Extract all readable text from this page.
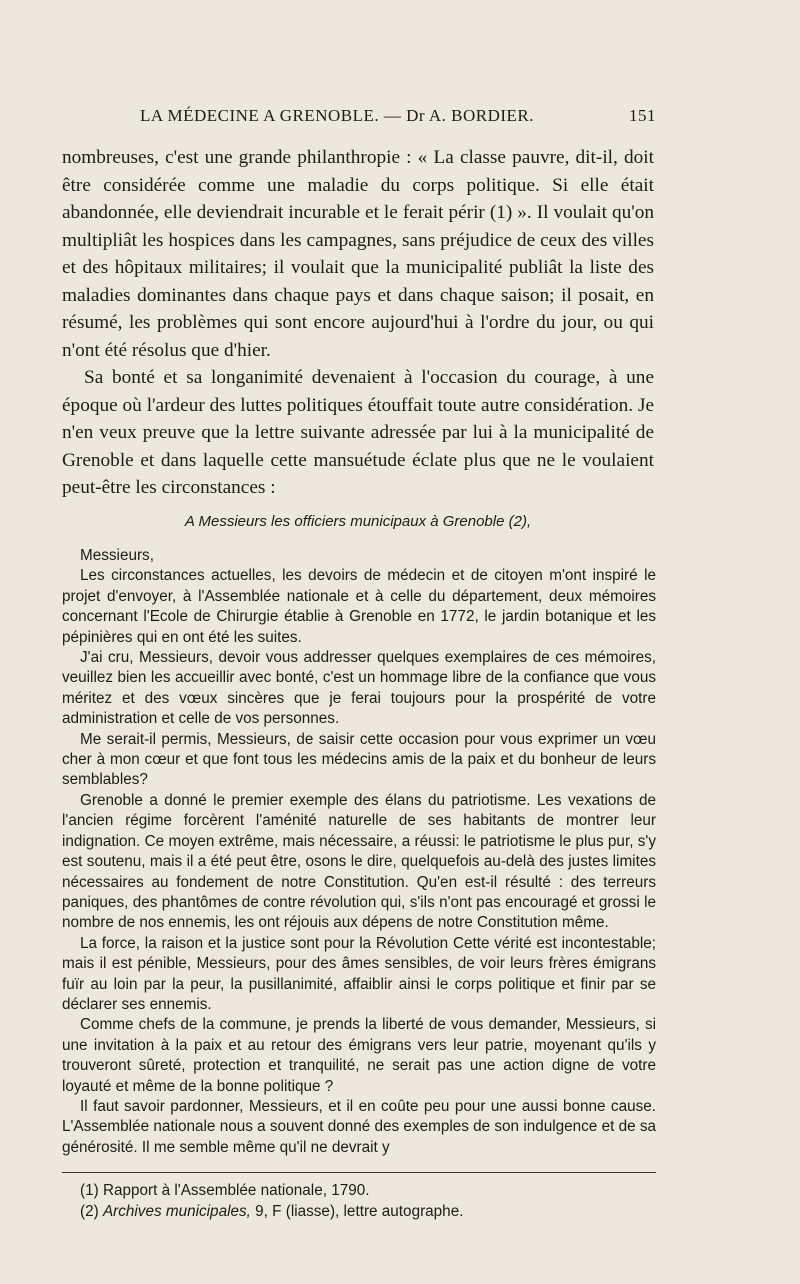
LA MÉDECINE A GRENOBLE. — Dr A. BORDIER.	151

nombreuses, c'est une grande philanthropie : « La classe pauvre, dit-il, doit être considérée comme une maladie du corps politique. Si elle était abandonnée, elle deviendrait incurable et le ferait périr (1) ». Il voulait qu'on multipliât les hospices dans les campagnes, sans préjudice de ceux des villes et des hôpitaux militaires; il voulait que la municipalité publiât la liste des maladies dominantes dans chaque pays et dans chaque saison; il posait, en résumé, les problèmes qui sont encore aujourd'hui à l'ordre du jour, ou qui n'ont été résolus que d'hier.

Sa bonté et sa longanimité devenaient à l'occasion du courage, à une époque où l'ardeur des luttes politiques étouffait toute autre considération. Je n'en veux preuve que la lettre suivante adressée par lui à la municipalité de Grenoble et dans laquelle cette mansuétude éclate plus que ne le voulaient peut-être les circonstances :

A Messieurs les officiers municipaux à Grenoble (2),

Messieurs,

Les circonstances actuelles, les devoirs de médecin et de citoyen m'ont inspiré le projet d'envoyer, à l'Assemblée nationale et à celle du département, deux mémoires concernant l'Ecole de Chirurgie établie à Grenoble en 1772, le jardin botanique et les pépinières qui en ont été les suites.

J'ai cru, Messieurs, devoir vous addresser quelques exemplaires de ces mémoires, veuillez bien les accueillir avec bonté, c'est un hommage libre de la confiance que vous méritez et des vœux sincères que je ferai toujours pour la prospérité de votre administration et celle de vos personnes.

Me serait-il permis, Messieurs, de saisir cette occasion pour vous exprimer un vœu cher à mon cœur et que font tous les médecins amis de la paix et du bonheur de leurs semblables?

Grenoble a donné le premier exemple des élans du patriotisme. Les vexations de l'ancien régime forcèrent l'aménité naturelle de ses habitants de montrer leur indignation. Ce moyen extrême, mais nécessaire, a réussi: le patriotisme le plus pur, s'y est soutenu, mais il a été peut être, osons le dire, quelquefois au-delà des justes limites nécessaires au fondement de notre Constitution. Qu'en est-il résulté : des terreurs paniques, des phantômes de contre révolution qui, s'ils n'ont pas encouragé et grossi le nombre de nos ennemis, les ont réjouis aux dépens de notre Constitution même.

La force, la raison et la justice sont pour la Révolution Cette vérité est incontestable; mais il est pénible, Messieurs, pour des âmes sensibles, de voir leurs frères émigrans fuïr au loin par la peur, la pusillanimité, affaiblir ainsi le corps politique et finir par se déclarer ses ennemis.

Comme chefs de la commune, je prends la liberté de vous demander, Messieurs, si une invitation à la paix et au retour des émigrans vers leur patrie, moyenant qu'ils y trouveront sûreté, protection et tranquilité, ne serait pas une action digne de votre loyauté et même de la bonne politique ?

Il faut savoir pardonner, Messieurs, et il en coûte peu pour une aussi bonne cause. L'Assemblée nationale nous a souvent donné des exemples de son indulgence et de sa générosité. Il me semble même qu'il ne devrait y

(1) Rapport à l'Assemblée nationale, 1790.

(2) Archives municipales, 9, F (liasse), lettre autographe.
